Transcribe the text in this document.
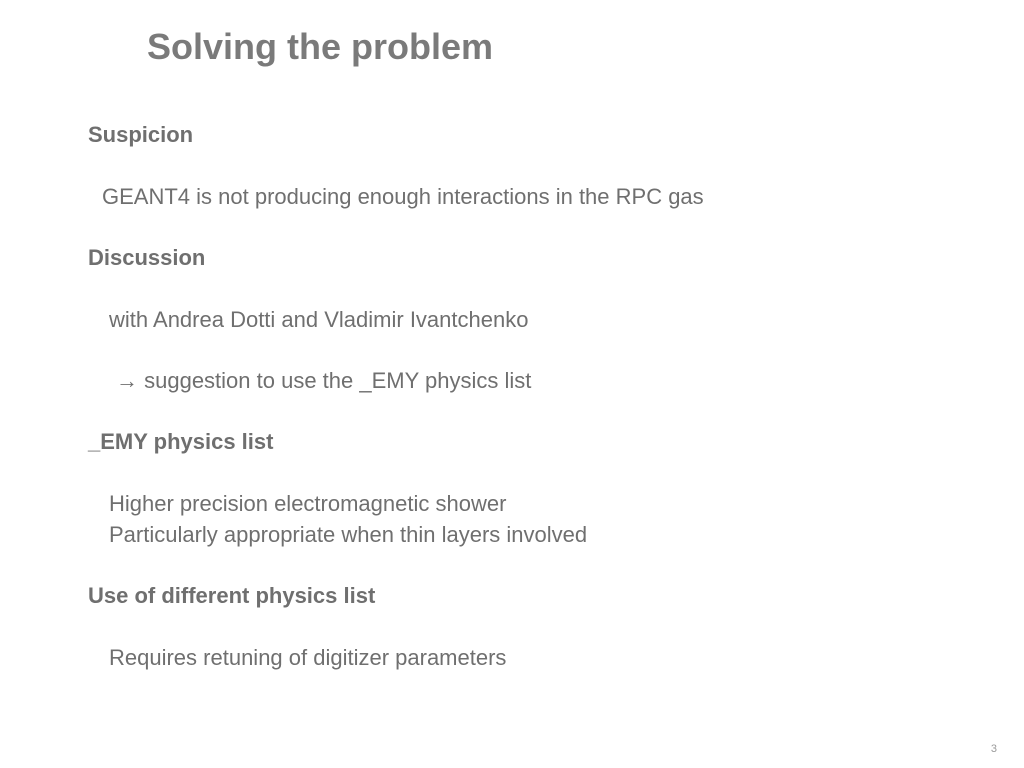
Solving the problem
Suspicion
GEANT4 is not producing enough interactions in the RPC gas
Discussion
with Andrea Dotti and Vladimir Ivantchenko
→ suggestion to use the _EMY physics list
_EMY physics list
Higher precision electromagnetic shower
Particularly appropriate when thin layers involved
Use of different physics list
Requires retuning of digitizer parameters
3
